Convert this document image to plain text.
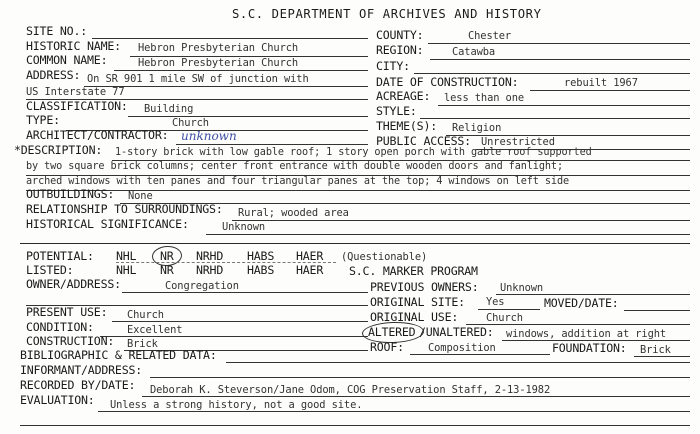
S.C. DEPARTMENT OF ARCHIVES AND HISTORY
SITE NO.:
HISTORIC NAME: Hebron Presbyterian Church
COMMON NAME:	Hebron Presbyterian Church
ADDRESS: On SR 901 1 mile SW of junction with
US Interstate 77
CLASSIFICATION: Building
TYPE:	Church
ARCHITECT/CONTRACTOR: unknown
COUNTY:	Chester
REGION:	Catawba
CITY:
DATE OF CONSTRUCTION:	rebuilt 1967
ACREAGE: less than one
STYLE:
THEME(S): Religion
PUBLIC ACCESS: Unrestricted
*DESCRIPTION: 1-story brick with low gable roof; 1 story open porch with gable roof supported
by two square brick columns; center front entrance with double wooden doors and fanlight;
arched windows with ten panes and four triangular panes at the top; 4 windows on left side
OUTBUILDINGS: None
RELATIONSHIP TO SURROUNDINGS: Rural; wooded area
HISTORICAL SIGNIFICANCE:	Unknown
POTENTIAL: NHL NR NRHD HABS HAER (Questionable)
LISTED:	NHL NR NRHD HABS HAER S.C. MARKER PROGRAM
OWNER/ADDRESS:	Congregation	PREVIOUS OWNERS: Unknown
ORIGINAL SITE: Yes	MOVED/DATE:
PRESENT USE: Church	ORIGINAL USE:	Church
CONDITION:	Excellent	ALTERED /UNALTERED: windows, addition at right
CONSTRUCTION: Brick	ROOF: Composition	FOUNDATION: Brick
BIBLIOGRAPHIC & RELATED DATA:
INFORMANT/ADDRESS:
RECORDED BY/DATE: Deborah K. Steverson/Jane Odom, COG Preservation Staff, 2-13-1982
EVALUATION: Unless a strong history, not a good site.
